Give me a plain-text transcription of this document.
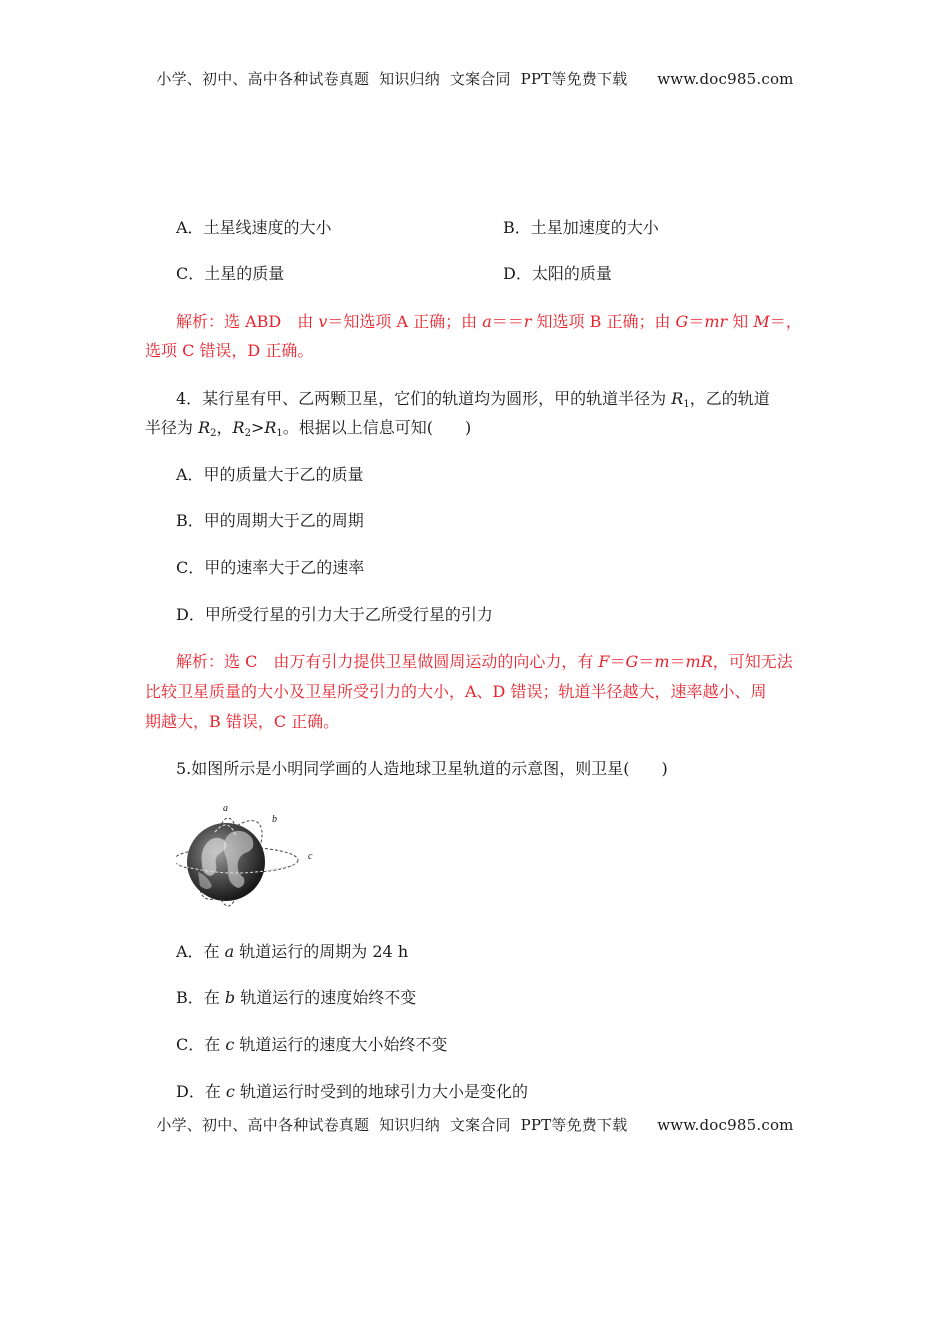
小学、初中、高中各种试卷真题  知识归纳  文案合同  PPT等免费下载      www.doc985.com
A．土星线速度的大小	B．土星加速度的大小
C．土星的质量	D．太阳的质量
解析：选 ABD　由 v＝知选项 A 正确；由 a＝＝r 知选项 B 正确；由 G＝mr 知 M＝，
选项 C 错误，D 正确。
4．某行星有甲、乙两颗卫星，它们的轨道均为圆形，甲的轨道半径为 $R_1$，乙的轨道
半径为 $R_2$，$R_2>R_1$。根据以上信息可知(　　)
A．甲的质量大于乙的质量
B．甲的周期大于乙的周期
C．甲的速率大于乙的速率
D．甲所受行星的引力大于乙所受行星的引力
解析：选 C　由万有引力提供卫星做圆周运动的向心力，有 F＝G＝m＝mR，可知无法
比较卫星质量的大小及卫星所受引力的大小，A、D 错误；轨道半径越大，速率越小、周
期越大，B 错误，C 正确。
5.如图所示是小明同学画的人造地球卫星轨道的示意图，则卫星(　　)
a
b
c
A．在 a 轨道运行的周期为 24 h
B．在 b 轨道运行的速度始终不变
C．在 c 轨道运行的速度大小始终不变
D．在 c 轨道运行时受到的地球引力大小是变化的
小学、初中、高中各种试卷真题  知识归纳  文案合同  PPT等免费下载      www.doc985.com
